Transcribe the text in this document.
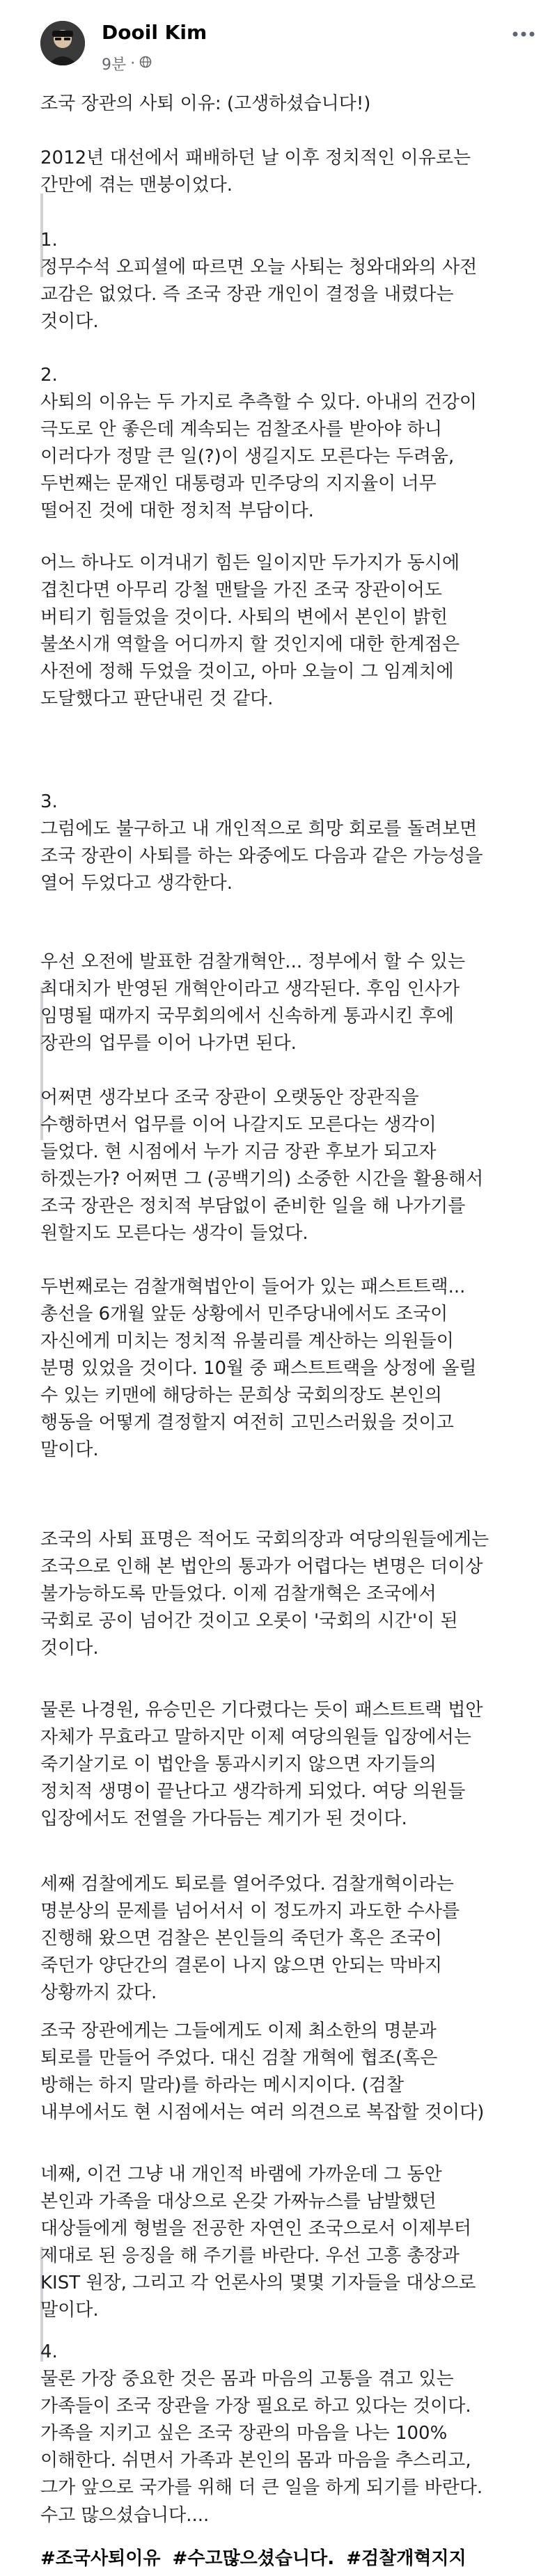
Dooil Kim
9분 ·
조국 장관의 사퇴 이유: (고생하셨습니다!)
2012년 대선에서 패배하던 날 이후 정치적인 이유로는
간만에 겪는 맨붕이었다.
1.
정무수석 오피셜에 따르면 오늘 사퇴는 청와대와의 사전
교감은 없었다. 즉 조국 장관 개인이 결정을 내렸다는
것이다.
2.
사퇴의 이유는 두 가지로 추측할 수 있다. 아내의 건강이
극도로 안 좋은데 계속되는 검찰조사를 받아야 하니
이러다가 정말 큰 일(?)이 생길지도 모른다는 두려움,
두번째는 문재인 대통령과 민주당의 지지율이 너무
떨어진 것에 대한 정치적 부담이다.
어느 하나도 이겨내기 힘든 일이지만 두가지가 동시에
겹친다면 아무리 강철 맨탈을 가진 조국 장관이어도
버티기 힘들었을 것이다. 사퇴의 변에서 본인이 밝힌
불쏘시개 역할을 어디까지 할 것인지에 대한 한계점은
사전에 정해 두었을 것이고, 아마 오늘이 그 임계치에
도달했다고 판단내린 것 같다.
3.
그럼에도 불구하고 내 개인적으로 희망 회로를 돌려보면
조국 장관이 사퇴를 하는 와중에도 다음과 같은 가능성을
열어 두었다고 생각한다.
우선 오전에 발표한 검찰개혁안... 정부에서 할 수 있는
최대치가 반영된 개혁안이라고 생각된다. 후임 인사가
임명될 때까지 국무회의에서 신속하게 통과시킨 후에
장관의 업무를 이어 나가면 된다.
어쩌면 생각보다 조국 장관이 오랫동안 장관직을
수행하면서 업무를 이어 나갈지도 모른다는 생각이
들었다. 현 시점에서 누가 지금 장관 후보가 되고자
하겠는가? 어쩌면 그 (공백기의) 소중한 시간을 활용해서
조국 장관은 정치적 부담없이 준비한 일을 해 나가기를
원할지도 모른다는 생각이 들었다.
두번째로는 검찰개혁법안이 들어가 있는 패스트트랙...
총선을 6개월 앞둔 상황에서 민주당내에서도 조국이
자신에게 미치는 정치적 유불리를 계산하는 의원들이
분명 있었을 것이다. 10월 중 패스트트랙을 상정에 올릴
수 있는 키맨에 해당하는 문희상 국회의장도 본인의
행동을 어떻게 결정할지 여전히 고민스러웠을 것이고
말이다.
조국의 사퇴 표명은 적어도 국회의장과 여당의원들에게는
조국으로 인해 본 법안의 통과가 어렵다는 변명은 더이상
불가능하도록 만들었다. 이제 검찰개혁은 조국에서
국회로 공이 넘어간 것이고 오롯이 '국회의 시간'이 된
것이다.
물론 나경원, 유승민은 기다렸다는 듯이 패스트트랙 법안
자체가 무효라고 말하지만 이제 여당의원들 입장에서는
죽기살기로 이 법안을 통과시키지 않으면 자기들의
정치적 생명이 끝난다고 생각하게 되었다. 여당 의원들
입장에서도 전열을 가다듬는 계기가 된 것이다.
세째 검찰에게도 퇴로를 열어주었다. 검찰개혁이라는
명분상의 문제를 넘어서서 이 정도까지 과도한 수사를
진행해 왔으면 검찰은 본인들의 죽던가 혹은 조국이
죽던가 양단간의 결론이 나지 않으면 안되는 막바지
상황까지 갔다.
조국 장관에게는 그들에게도 이제 최소한의 명분과
퇴로를 만들어 주었다. 대신 검찰 개혁에 협조(혹은
방해는 하지 말라)를 하라는 메시지이다. (검찰
내부에서도 현 시점에서는 여러 의견으로 복잡할 것이다)
네째, 이건 그냥 내 개인적 바램에 가까운데 그 동안
본인과 가족을 대상으로 온갖 가짜뉴스를 남발했던
대상들에게 형벌을 전공한 자연인 조국으로서 이제부터
제대로 된 응징을 해 주기를 바란다. 우선 고흥 총장과
KIST 원장, 그리고 각 언론사의 몇몇 기자들을 대상으로
말이다.
4.
물론 가장 중요한 것은 몸과 마음의 고통을 겪고 있는
가족들이 조국 장관을 가장 필요로 하고 있다는 것이다.
가족을 지키고 싶은 조국 장관의 마음을 나는 100%
이해한다. 쉬면서 가족과 본인의 몸과 마음을 추스리고,
그가 앞으로 국가를 위해 더 큰 일을 하게 되기를 바란다.
수고 많으셨습니다....
#조국사퇴이유 #수고많으셨습니다. #검찰개혁지지
